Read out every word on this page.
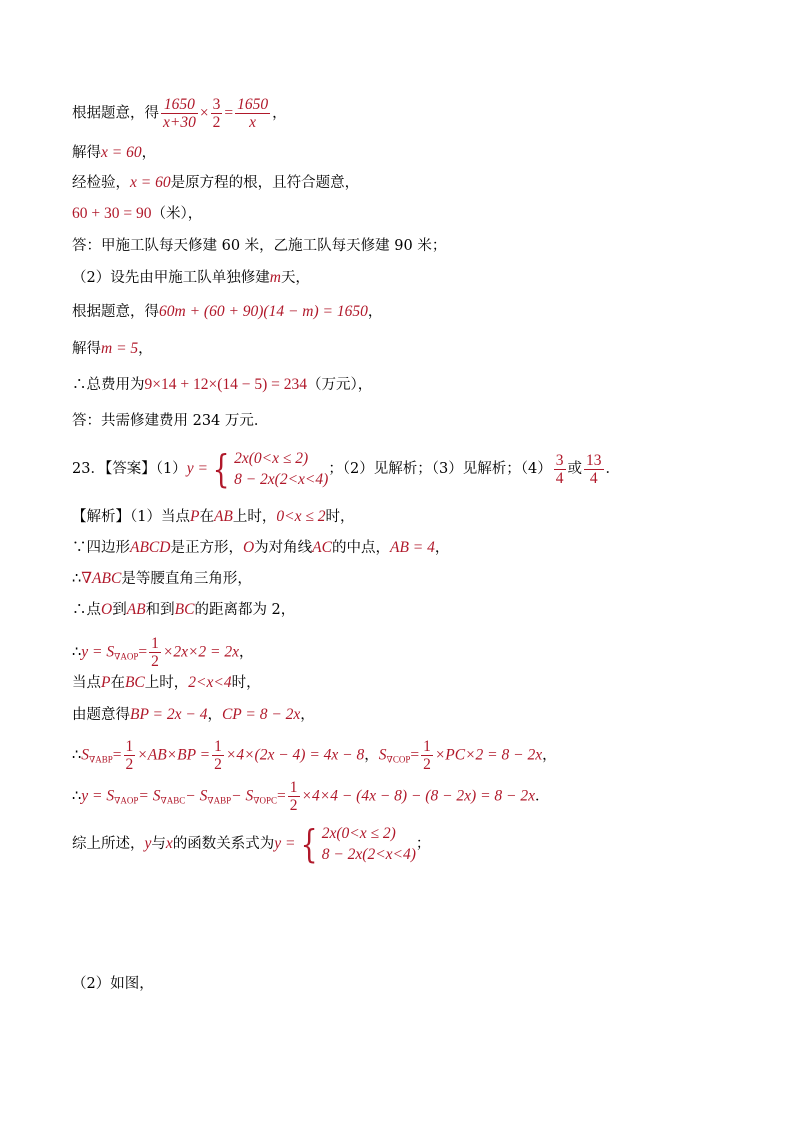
根据题意，得 $\frac{1650}{x+30} \times \frac{3}{2} = \frac{1650}{x}$ ，
解得x = 60，
经检验，x = 60是原方程的根，且符合题意，
60 + 30 = 90（米），
答：甲施工队每天修建 60 米，乙施工队每天修建 90 米；
（2）设先由甲施工队单独修建m天，
根据题意，得60m + (60 + 90)(14 − m) = 1650，
解得m = 5，
∴总费用为9×14 + 12×(14 − 5) = 234（万元），
答：共需修建费用 234 万元．
23．【答案】（1）y = { 2x(0<x ≤ 2)
8 − 2x(2<x<4)
；（2）见解析；（3）见解析；$(4) \frac{3}{4}$ 或 $\frac{13}{4}$ ．
【解析】（1）当点P在AB上时，0<x ≤ 2时，
∵四边形ABCD是正方形，O为对角线AC的中点，AB = 4，
∴∇ABC是等腰直角三角形，
∴点O到AB和到BC的距离都为 2，
∴y = $S_{\nabla AOP}= \frac{1}{2} \times 2x\times 2 = 2x$，
当点P在BC上时，2<x<4时，
由题意得BP = 2x − 4，CP = 8 − 2x，
$\therefore S_{\nabla ABP}= \frac{1}{2} \times AB\times BP = \frac{1}{2} \times 4\times(2x - 4) = 4x - 8$，$S_{\nabla COP}= \frac{1}{2} \times PC\times 2 = 8 - 2x$，
∴y = $S_{\nabla AOP}= S_{\nabla ABC}- S_{\nabla ABP}- S_{\nabla OPC}= \frac{1}{2} \times 4\times 4 - (4x - 8) - (8 - 2x) = 8 - 2x$．
综上所述，y与x的函数关系式为y = { 2x(0<x ≤ 2)
8 − 2x(2<x<4)
；
（2）如图，
